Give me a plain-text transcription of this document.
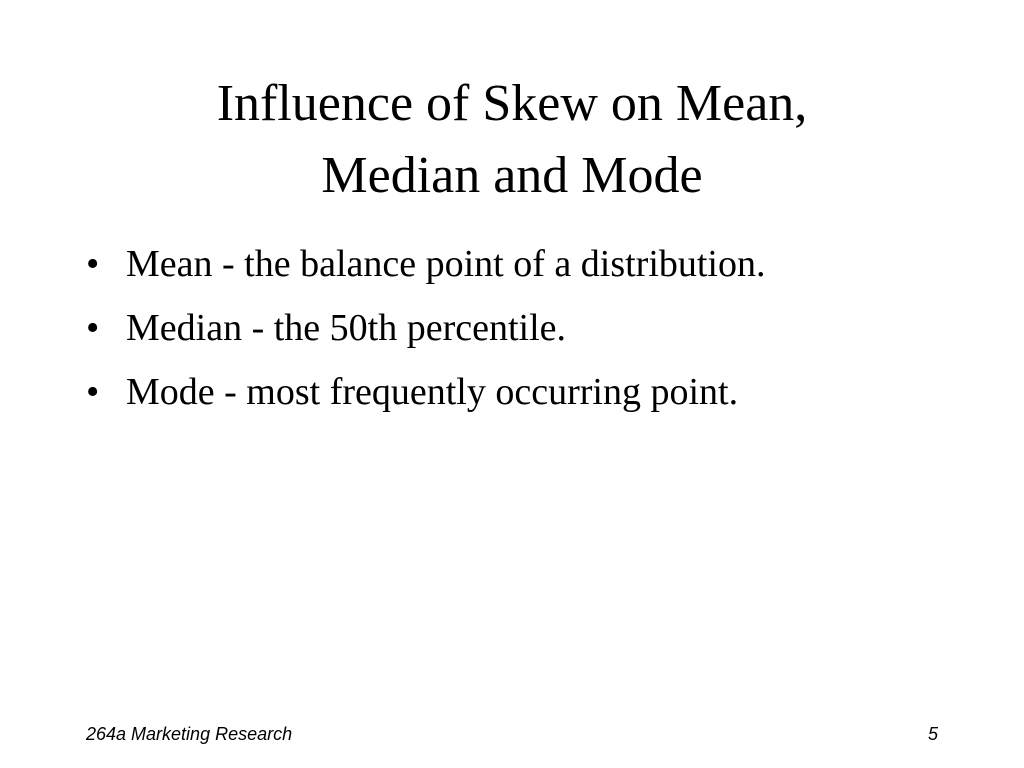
Influence of Skew on Mean,
Median and Mode
• Mean - the balance point of a distribution.
• Median - the 50th percentile.
• Mode - most frequently occurring point.
264a Marketing Research	5
